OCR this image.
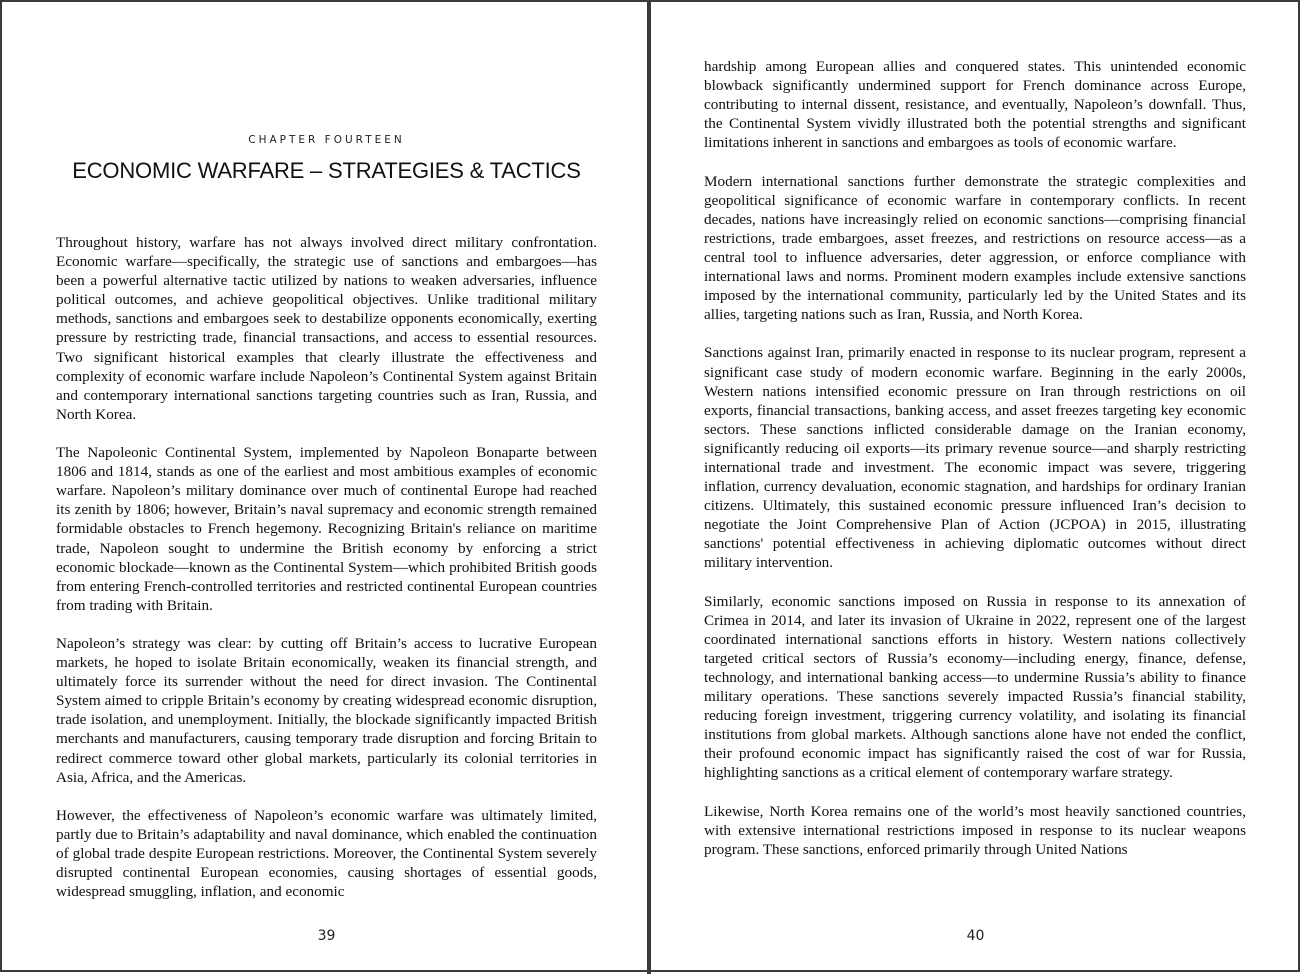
CHAPTER FOURTEEN
ECONOMIC WARFARE – STRATEGIES & TACTICS

Throughout history, warfare has not always involved direct military confrontation. Economic warfare—specifically, the strategic use of sanctions and embargoes—has been a powerful alternative tactic utilized by nations to weaken adversaries, influence political outcomes, and achieve geopolitical objectives. Unlike traditional military methods, sanctions and embargoes seek to destabilize opponents economically, exerting pressure by restricting trade, financial transactions, and access to essential resources. Two significant historical examples that clearly illustrate the effectiveness and complexity of economic warfare include Napoleon’s Continental System against Britain and contemporary international sanctions targeting countries such as Iran, Russia, and North Korea.

The Napoleonic Continental System, implemented by Napoleon Bonaparte between 1806 and 1814, stands as one of the earliest and most ambitious examples of economic warfare. Napoleon’s military dominance over much of continental Europe had reached its zenith by 1806; however, Britain’s naval supremacy and economic strength remained formidable obstacles to French hegemony. Recognizing Britain's reliance on maritime trade, Napoleon sought to undermine the British economy by enforcing a strict economic blockade—known as the Continental System—which prohibited British goods from entering French-controlled territories and restricted continental European countries from trading with Britain.

Napoleon’s strategy was clear: by cutting off Britain’s access to lucrative European markets, he hoped to isolate Britain economically, weaken its financial strength, and ultimately force its surrender without the need for direct invasion. The Continental System aimed to cripple Britain’s economy by creating widespread economic disruption, trade isolation, and unemployment. Initially, the blockade significantly impacted British merchants and manufacturers, causing temporary trade disruption and forcing Britain to redirect commerce toward other global markets, particularly its colonial territories in Asia, Africa, and the Americas.

However, the effectiveness of Napoleon’s economic warfare was ultimately limited, partly due to Britain’s adaptability and naval dominance, which enabled the continuation of global trade despite European restrictions. Moreover, the Continental System severely disrupted continental European economies, causing shortages of essential goods, widespread smuggling, inflation, and economic

39

hardship among European allies and conquered states. This unintended economic blowback significantly undermined support for French dominance across Europe, contributing to internal dissent, resistance, and eventually, Napoleon’s downfall. Thus, the Continental System vividly illustrated both the potential strengths and significant limitations inherent in sanctions and embargoes as tools of economic warfare.

Modern international sanctions further demonstrate the strategic complexities and geopolitical significance of economic warfare in contemporary conflicts. In recent decades, nations have increasingly relied on economic sanctions—comprising financial restrictions, trade embargoes, asset freezes, and restrictions on resource access—as a central tool to influence adversaries, deter aggression, or enforce compliance with international laws and norms. Prominent modern examples include extensive sanctions imposed by the international community, particularly led by the United States and its allies, targeting nations such as Iran, Russia, and North Korea.

Sanctions against Iran, primarily enacted in response to its nuclear program, represent a significant case study of modern economic warfare. Beginning in the early 2000s, Western nations intensified economic pressure on Iran through restrictions on oil exports, financial transactions, banking access, and asset freezes targeting key economic sectors. These sanctions inflicted considerable damage on the Iranian economy, significantly reducing oil exports—its primary revenue source—and sharply restricting international trade and investment. The economic impact was severe, triggering inflation, currency devaluation, economic stagnation, and hardships for ordinary Iranian citizens. Ultimately, this sustained economic pressure influenced Iran’s decision to negotiate the Joint Comprehensive Plan of Action (JCPOA) in 2015, illustrating sanctions' potential effectiveness in achieving diplomatic outcomes without direct military intervention.

Similarly, economic sanctions imposed on Russia in response to its annexation of Crimea in 2014, and later its invasion of Ukraine in 2022, represent one of the largest coordinated international sanctions efforts in history. Western nations collectively targeted critical sectors of Russia’s economy—including energy, finance, defense, technology, and international banking access—to undermine Russia’s ability to finance military operations. These sanctions severely impacted Russia’s financial stability, reducing foreign investment, triggering currency volatility, and isolating its financial institutions from global markets. Although sanctions alone have not ended the conflict, their profound economic impact has significantly raised the cost of war for Russia, highlighting sanctions as a critical element of contemporary warfare strategy.

Likewise, North Korea remains one of the world’s most heavily sanctioned countries, with extensive international restrictions imposed in response to its nuclear weapons program. These sanctions, enforced primarily through United Nations

40
